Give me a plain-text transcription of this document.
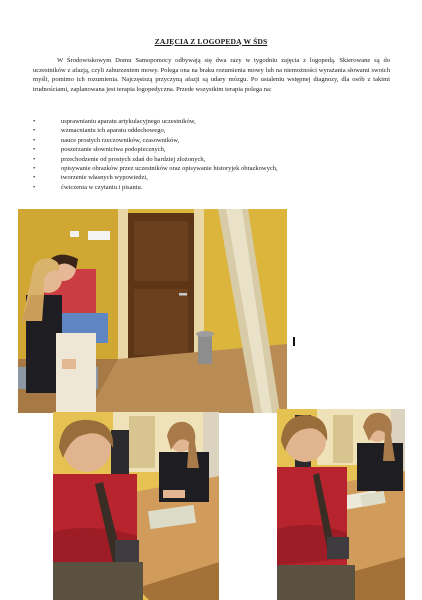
ZAJĘCIA Z LOGOPEDĄ W ŚDS

W Środowiskowym Domu Samopomocy odbywają się dwa razy w tygodniu zajęcia z logopedą. Skierowane są do uczestników z afazją, czyli zaburzeniem mowy. Polega ona na braku rozumienia mowy lub na niemożności wyrażania słowami swoich myśli, pomimo ich rozumienia. Najczęstszą przyczyną afazji są udary mózgu. Po ustaleniu wstępnej diagnozy, dla osób z takimi trudnościami, zaplanowana jest terapia logopedyczna. Przede wszystkim terapia polega na:

•	usprawnianiu aparatu artykulacyjnego uczestników,
•	wzmacnianiu ich aparatu oddechowego,
•	nauce prostych rzeczowników, czasowników,
•	poszerzanie słownictwa podopiecznych,
•	przechodzenie od prostych zdań do bardziej złożonych,
•	opisywanie obrazków przez uczestników oraz opisywanie historyjek obrazkowych,
•	tworzenie własnych wypowiedzi,
•	ćwiczenia w czytaniu i pisaniu.
